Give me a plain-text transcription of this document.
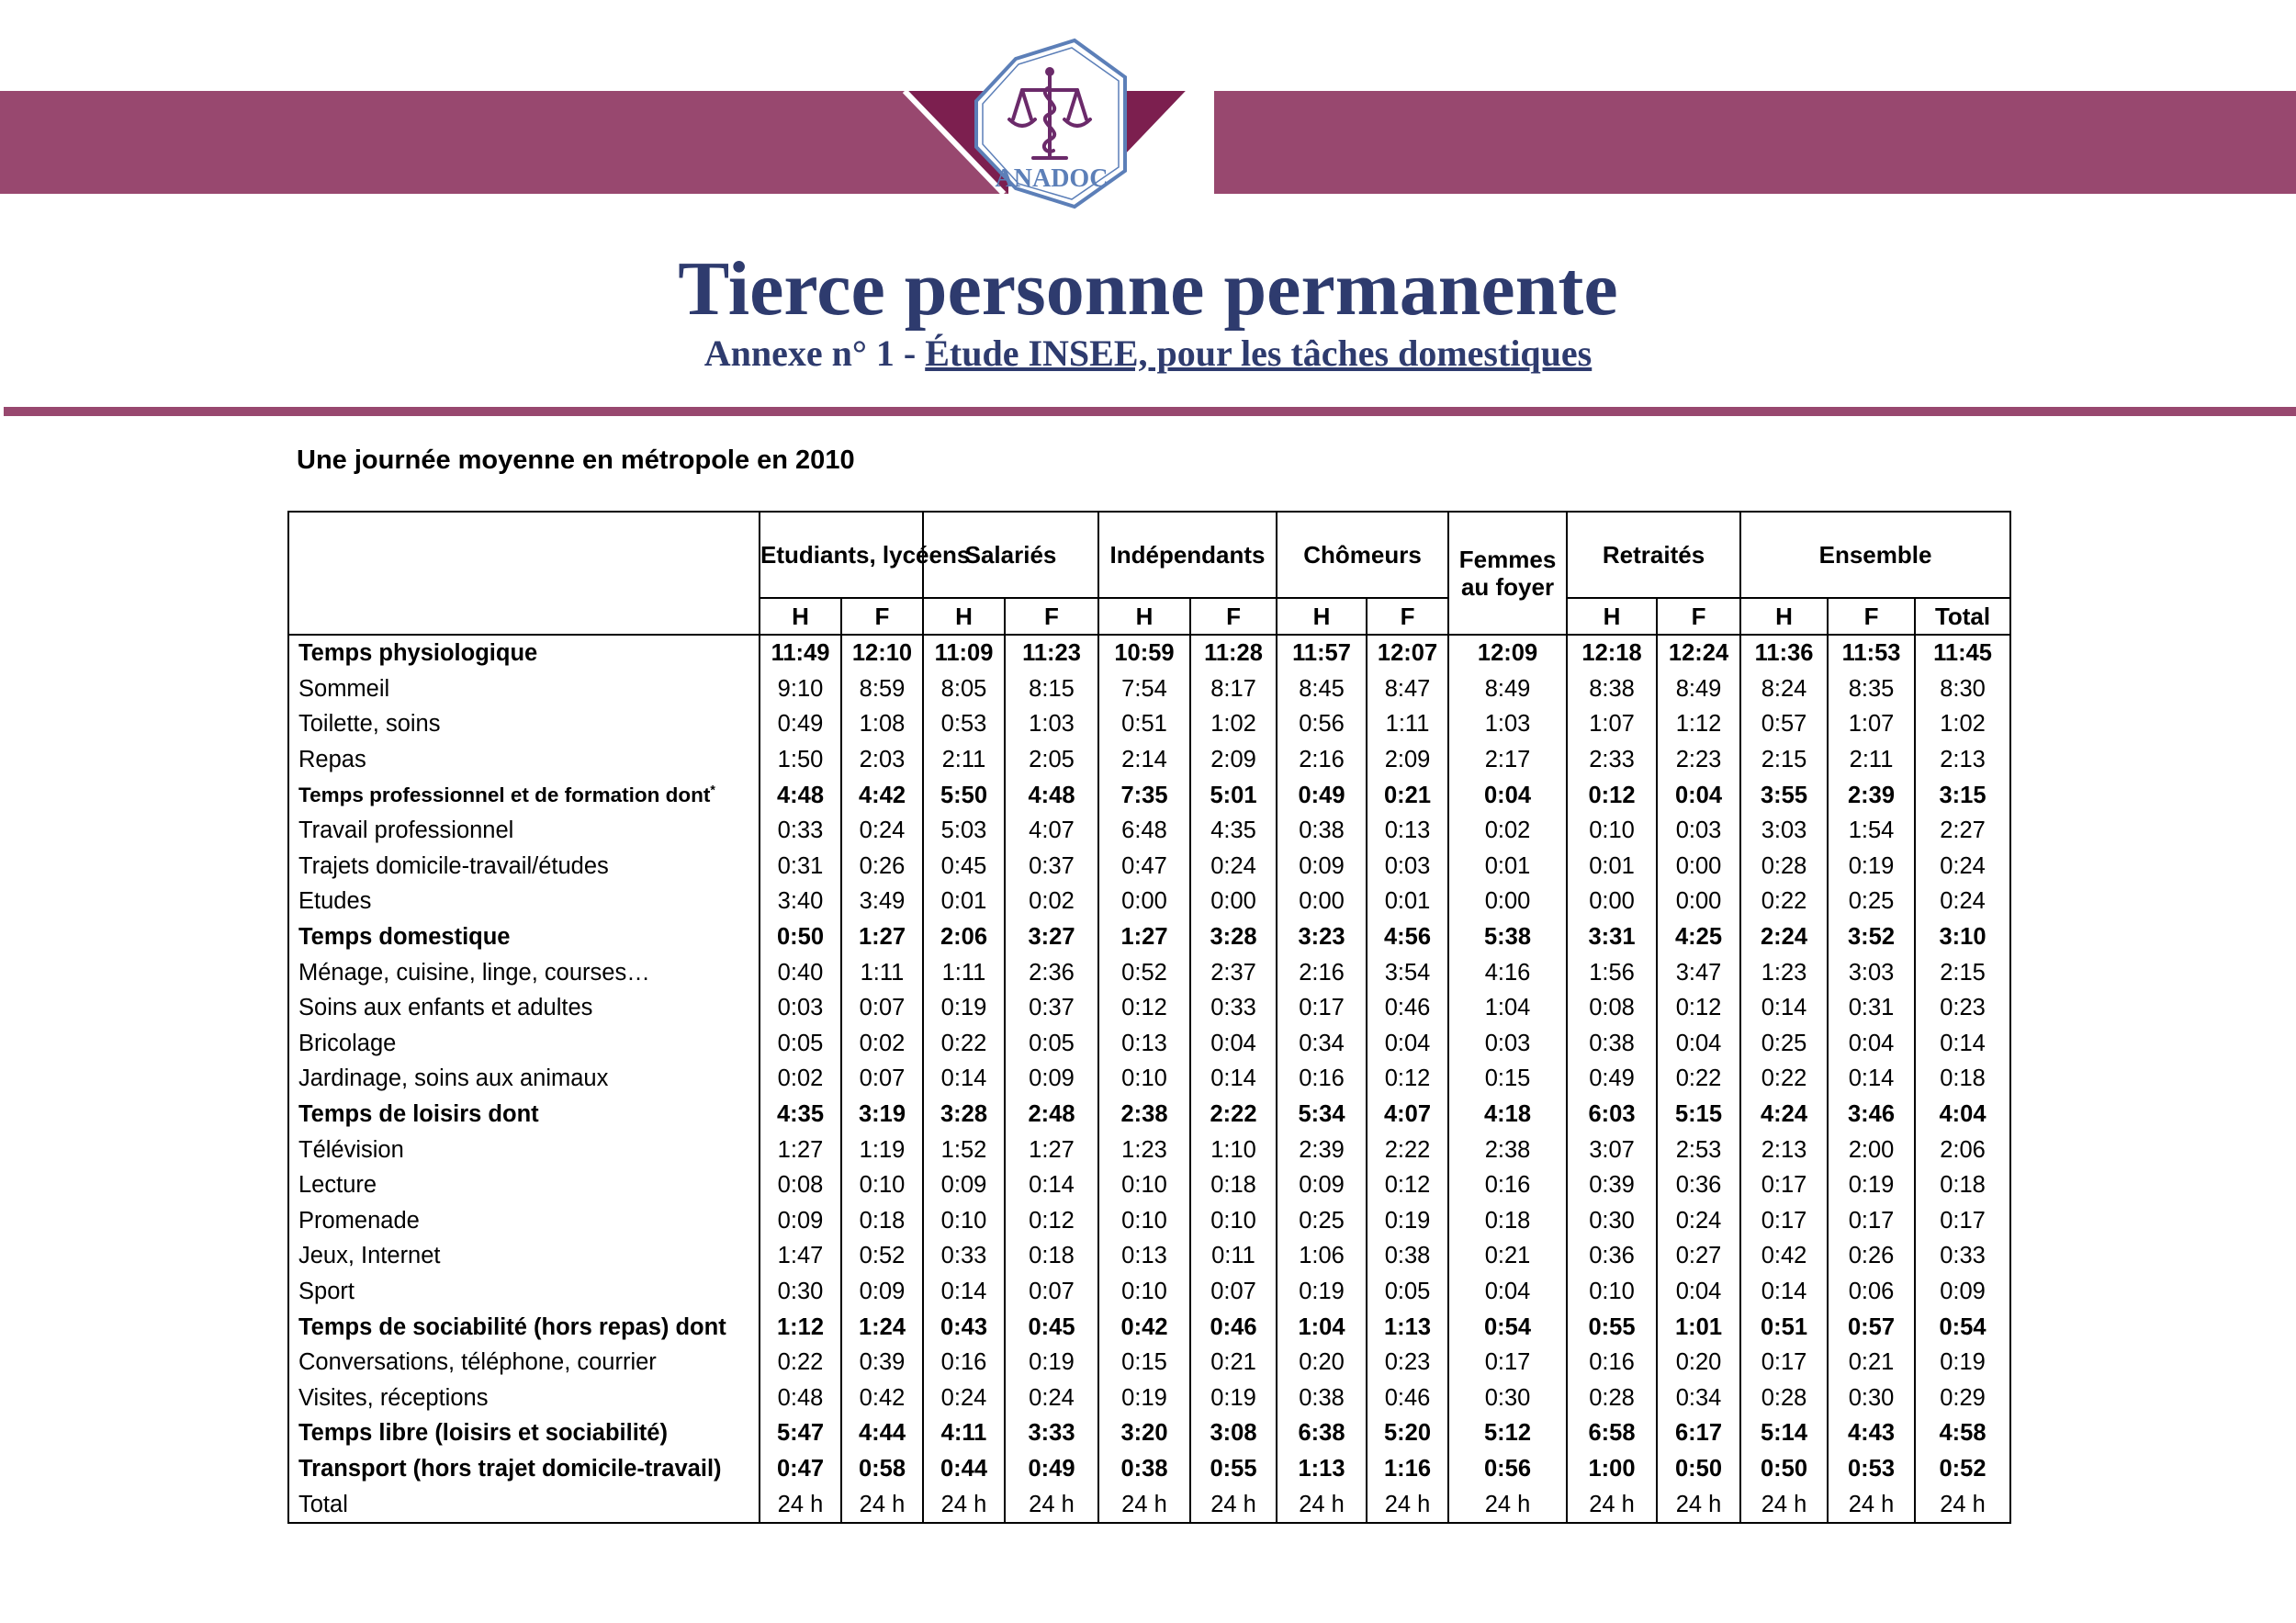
ANADOC
Tierce personne permanente
Annexe n° 1 - Étude INSEE, pour les tâches domestiques
Une journée moyenne en métropole en 2010
	Etudiants, lycéens		Salariés		Indépendants		Chômeurs		Femmes au foyer	Retraités		Ensemble		
	H	F	H	F	H	F	H	F		H	F	H	F	Total
Temps physiologique	11:49	12:10	11:09	11:23	10:59	11:28	11:57	12:07	12:09	12:18	12:24	11:36	11:53	11:45
Sommeil	9:10	8:59	8:05	8:15	7:54	8:17	8:45	8:47	8:49	8:38	8:49	8:24	8:35	8:30
Toilette, soins	0:49	1:08	0:53	1:03	0:51	1:02	0:56	1:11	1:03	1:07	1:12	0:57	1:07	1:02
Repas	1:50	2:03	2:11	2:05	2:14	2:09	2:16	2:09	2:17	2:33	2:23	2:15	2:11	2:13
Temps professionnel et de formation dont*	4:48	4:42	5:50	4:48	7:35	5:01	0:49	0:21	0:04	0:12	0:04	3:55	2:39	3:15
Travail professionnel	0:33	0:24	5:03	4:07	6:48	4:35	0:38	0:13	0:02	0:10	0:03	3:03	1:54	2:27
Trajets domicile-travail/études	0:31	0:26	0:45	0:37	0:47	0:24	0:09	0:03	0:01	0:01	0:00	0:28	0:19	0:24
Etudes	3:40	3:49	0:01	0:02	0:00	0:00	0:00	0:01	0:00	0:00	0:00	0:22	0:25	0:24
Temps domestique	0:50	1:27	2:06	3:27	1:27	3:28	3:23	4:56	5:38	3:31	4:25	2:24	3:52	3:10
Ménage, cuisine, linge, courses…	0:40	1:11	1:11	2:36	0:52	2:37	2:16	3:54	4:16	1:56	3:47	1:23	3:03	2:15
Soins aux enfants et adultes	0:03	0:07	0:19	0:37	0:12	0:33	0:17	0:46	1:04	0:08	0:12	0:14	0:31	0:23
Bricolage	0:05	0:02	0:22	0:05	0:13	0:04	0:34	0:04	0:03	0:38	0:04	0:25	0:04	0:14
Jardinage, soins aux animaux	0:02	0:07	0:14	0:09	0:10	0:14	0:16	0:12	0:15	0:49	0:22	0:22	0:14	0:18
Temps de loisirs dont	4:35	3:19	3:28	2:48	2:38	2:22	5:34	4:07	4:18	6:03	5:15	4:24	3:46	4:04
Télévision	1:27	1:19	1:52	1:27	1:23	1:10	2:39	2:22	2:38	3:07	2:53	2:13	2:00	2:06
Lecture	0:08	0:10	0:09	0:14	0:10	0:18	0:09	0:12	0:16	0:39	0:36	0:17	0:19	0:18
Promenade	0:09	0:18	0:10	0:12	0:10	0:10	0:25	0:19	0:18	0:30	0:24	0:17	0:17	0:17
Jeux, Internet	1:47	0:52	0:33	0:18	0:13	0:11	1:06	0:38	0:21	0:36	0:27	0:42	0:26	0:33
Sport	0:30	0:09	0:14	0:07	0:10	0:07	0:19	0:05	0:04	0:10	0:04	0:14	0:06	0:09
Temps de sociabilité (hors repas) dont	1:12	1:24	0:43	0:45	0:42	0:46	1:04	1:13	0:54	0:55	1:01	0:51	0:57	0:54
Conversations, téléphone, courrier	0:22	0:39	0:16	0:19	0:15	0:21	0:20	0:23	0:17	0:16	0:20	0:17	0:21	0:19
Visites, réceptions	0:48	0:42	0:24	0:24	0:19	0:19	0:38	0:46	0:30	0:28	0:34	0:28	0:30	0:29
Temps libre (loisirs et sociabilité)	5:47	4:44	4:11	3:33	3:20	3:08	6:38	5:20	5:12	6:58	6:17	5:14	4:43	4:58
Transport (hors trajet domicile-travail)	0:47	0:58	0:44	0:49	0:38	0:55	1:13	1:16	0:56	1:00	0:50	0:50	0:53	0:52
Total	24 h	24 h	24 h	24 h	24 h	24 h	24 h	24 h	24 h	24 h	24 h	24 h	24 h	24 h
